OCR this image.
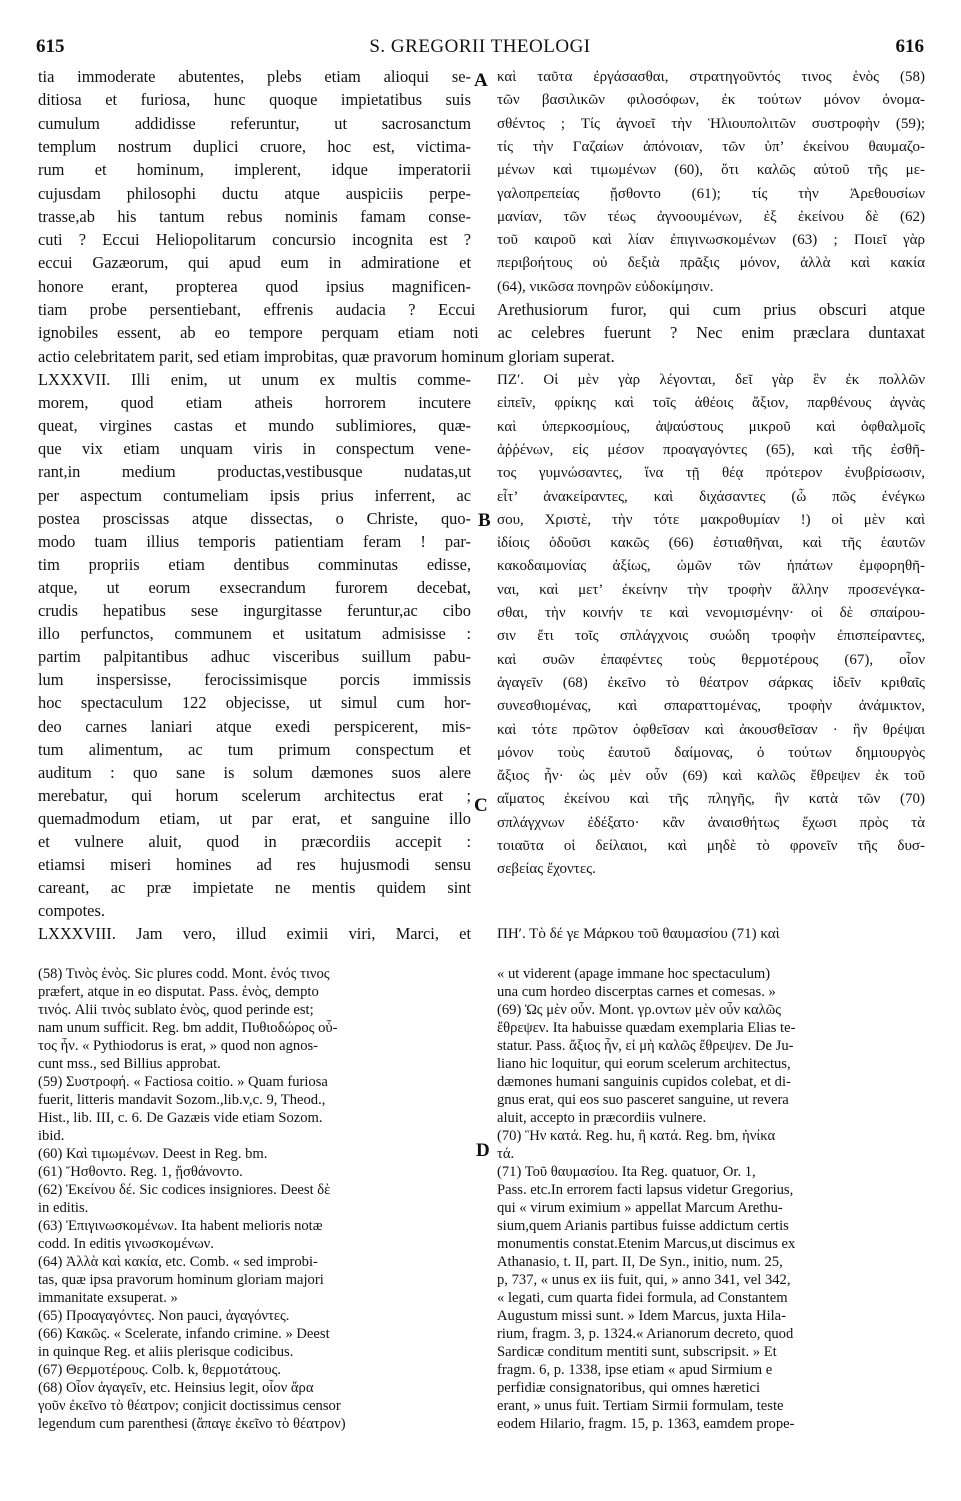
615	S. GREGORII THEOLOGI	616
A
B
C
D
tia immoderate abutentes, plebs etiam alioqui se-
ditiosa et furiosa, hunc quoque impietatibus suis
cumulum addidisse referuntur, ut sacrosanctum
templum nostrum duplici cruore, hoc est, victima-
rum et hominum, implerent, idque imperatorii
cujusdam philosophi ductu atque auspiciis perpe-
trasse,ab his tantum rebus nominis famam conse-
cuti ? Eccui Heliopolitarum concursio incognita est ?
eccui Gazæorum, qui apud eum in admiratione et
honore erant, propterea quod ipsius magnificen-
καὶ ταῦτα ἐργάσασθαι, στρατηγοῦντός τινος ἑνὸς (58)
τῶν βασιλικῶν φιλοσόφων, ἐκ τούτων μόνον ὀνομα-
σθέντος ; Τίς ἀγνοεῖ τὴν Ἡλιουπολιτῶν συστροφὴν (59);
τίς τὴν Γαζαίων ἀπόνοιαν, τῶν ὑπ’ ἐκείνου θαυμαζο-
μένων καὶ τιμωμένων (60), ὅτι καλῶς αὐτοῦ τῆς με-
γαλοπρεπείας ᾔσθοντο (61); τίς τὴν Ἀρεθουσίων
μανίαν, τῶν τέως ἀγνοουμένων, ἐξ ἐκείνου δὲ (62)
τοῦ καιροῦ καὶ λίαν ἐπιγινωσκομένων (63) ; Ποιεῖ γὰρ
περιβοήτους οὐ δεξιὰ πρᾶξις μόνον, ἀλλὰ καὶ κακία
(64), νικῶσα πονηρῶν εὐδοκίμησιν.
tiam probe persentiebant, effrenis audacia ? Eccui Arethusiorum furor, qui cum prius obscuri atque
ignobiles essent, ab eo tempore perquam etiam noti ac celebres fuerunt ? Nec enim præclara duntaxat
actio celebritatem parit, sed etiam improbitas, quæ pravorum hominum gloriam superat.
LXXXVII. Illi enim, ut unum ex multis comme-
morem, quod etiam atheis horrorem incutere
queat, virgines castas et mundo sublimiores, quæ-
que vix etiam unquam viris in conspectum vene-
rant,in medium productas,vestibusque nudatas,ut
per aspectum contumeliam ipsis prius inferrent, ac
postea proscissas atque dissectas, o Christe, quo-
modo tuam illius temporis patientiam feram ! par-
tim propriis etiam dentibus comminutas edisse,
atque, ut eorum exsecrandum furorem decebat,
crudis hepatibus sese ingurgitasse feruntur,ac cibo
illo perfunctos, communem et usitatum admisisse :
partim palpitantibus adhuc visceribus suillum pabu-
lum inspersisse, ferocissimisque porcis immissis
hoc spectaculum 122 objecisse, ut simul cum hor-
deo carnes laniari atque exedi perspicerent, mis-
tum alimentum, ac tum primum conspectum et
auditum : quo sane is solum dæmones suos alere
merebatur, qui horum scelerum architectus erat ;
quemadmodum etiam, ut par erat, et sanguine illo
et vulnere aluit, quod in præcordiis accepit :
etiamsi miseri homines ad res hujusmodi sensu
careant, ac præ impietate ne mentis quidem sint
compotes.
LXXXVIII. Jam vero, illud eximii viri, Marci, et
ΠΖʹ. Οἱ μὲν γὰρ λέγονται, δεῖ γὰρ ἓν ἐκ πολλῶν
εἰπεῖν, φρίκης καὶ τοῖς ἀθέοις ἄξιον, παρθένους ἁγνὰς
καὶ ὑπερκοσμίους, ἀψαύστους μικροῦ καὶ ὀφθαλμοῖς
ἀῤῥένων, εἰς μέσον προαγαγόντες (65), καὶ τῆς ἐσθῆ-
τος γυμνώσαντες, ἵνα τῇ θέᾳ πρότερον ἐνυβρίσωσιν,
εἶτ’ ἀνακείραντες, καὶ διχάσαντες (ὦ πῶς ἐνέγκω
σου, Χριστὲ, τὴν τότε μακροθυμίαν !) οἱ μὲν καὶ
ἰδίοις ὀδοῦσι κακῶς (66) ἐστιαθῆναι, καὶ τῆς ἑαυτῶν
κακοδαιμονίας ἀξίως, ὠμῶν τῶν ἡπάτων ἐμφορηθῆ-
ναι, καὶ μετ’ ἐκείνην τὴν τροφὴν ἄλλην προσενέγκα-
σθαι, τὴν κοινήν τε καὶ νενομισμένην· οἱ δὲ σπαίρου-
σιν ἔτι τοῖς σπλάγχνοις συώδη τροφὴν ἐπισπείραντες,
καὶ συῶν ἐπαφέντες τοὺς θερμοτέρους (67), οἷον
ἀγαγεῖν (68) ἐκεῖνο τὸ θέατρον σάρκας ἰδεῖν κριθαῖς
συνεσθιομένας, καὶ σπαραττομένας, τροφὴν ἀνάμικτον,
καὶ τότε πρῶτον ὀφθεῖσαν καὶ ἀκουσθεῖσαν · ἣν θρέψαι
μόνον τοὺς ἑαυτοῦ δαίμονας, ὁ τούτων δημιουργὸς
ἄξιος ἦν· ὡς μὲν οὖν (69) καὶ καλῶς ἔθρεψεν ἐκ τοῦ
αἵματος ἐκείνου καὶ τῆς πληγῆς, ἣν κατὰ τῶν (70)
σπλάγχνων ἐδέξατο· κἂν ἀναισθήτως ἔχωσι πρὸς τὰ
τοιαῦτα οἱ δείλαιοι, καὶ μηδὲ τὸ φρονεῖν τῆς δυσ-
σεβείας ἔχοντες.
ΠΗʹ. Τὸ δέ γε Μάρκου τοῦ θαυμασίου (71) καὶ
(58) Τινὸς ἑνὸς. Sic plures codd. Mont. ἑνός τινος
præfert, atque in eo disputat. Pass. ἑνὸς, dempto
τινός. Alii τινὸς sublato ἑνὸς, quod perinde est;
nam unum sufficit. Reg. bm addit, Πυθιοδώρος οὗ-
τος ἦν. « Pythiodorus is erat, » quod non agnos-
cunt mss., sed Billius approbat.
(59) Συστροφή. « Factiosa coitio. » Quam furiosa
fuerit, litteris mandavit Sozom.,lib.v,c. 9, Theod.,
Hist., lib. III, c. 6. De Gazæis vide etiam Sozom.
ibid.
(60) Καὶ τιμωμένων. Deest in Reg. bm.
(61) Ἤσθοντο. Reg. 1, ᾔσθάνοντο.
(62) Ἐκείνου δέ. Sic codices insigniores. Deest δὲ
in editis.
(63) Ἐπιγινωσκομένων. Ita habent melioris notæ
codd. In editis γινωσκομένων.
(64) Ἀλλὰ καὶ κακία, etc. Comb. « sed improbi-
tas, quæ ipsa pravorum hominum gloriam majori
immanitate exsuperat. »
(65) Προαγαγόντες. Non pauci, ἀγαγόντες.
(66) Κακῶς. « Scelerate, infando crimine. » Deest
in quinque Reg. et aliis plerisque codicibus.
(67) Θερμοτέρους. Colb. k, θερμοτάτους.
(68) Οἷον ἀγαγεῖν, etc. Heinsius legit, οἷον ἄρα
γοῦν ἐκεῖνο τὸ θέατρον; conjicit doctissimus censor
legendum cum parenthesi (ἄπαγε ἐκεῖνο τὸ θέατρον)
« ut viderent (apage immane hoc spectaculum)
una cum hordeo discerptas carnes et comesas. »
(69) Ὡς μὲν οὖν. Mont. γρ.οντων μὲν οὖν καλῶς
ἔθρεψεν. Ita habuisse quædam exemplaria Elias te-
statur. Pass. ἄξιος ἦν, εἰ μὴ καλῶς ἔθρεψεν. De Ju-
liano hic loquitur, qui eorum scelerum architectus,
dæmones humani sanguinis cupidos colebat, et di-
gnus erat, qui eos suo pasceret sanguine, ut revera
aluit, accepto in præcordiis vulnere.
(70) Ἣν κατά. Reg. hu, ἣ κατά. Reg. bm, ἡνίκα
τά.
(71) Τοῦ θαυμασίου. Ita Reg. quatuor, Or. 1,
Pass. etc.In errorem facti lapsus videtur Gregorius,
qui « virum eximium » appellat Marcum Arethu-
sium,quem Arianis partibus fuisse addictum certis
monumentis constat.Etenim Marcus,ut discimus ex
Athanasio, t. II, part. II, De Syn., initio, num. 25,
p, 737, « unus ex iis fuit, qui, » anno 341, vel 342,
« legati, cum quarta fidei formula, ad Constantem
Augustum missi sunt. » Idem Marcus, juxta Hila-
rium, fragm. 3, p. 1324.« Arianorum decreto, quod
Sardicæ conditum mentiti sunt, subscripsit. » Et
fragm. 6, p. 1338, ipse etiam « apud Sirmium e
perfidiæ consignatoribus, qui omnes hæretici
erant, » unus fuit. Tertiam Sirmii formulam, teste
eodem Hilario, fragm. 15, p. 1363, eamdem prope-
